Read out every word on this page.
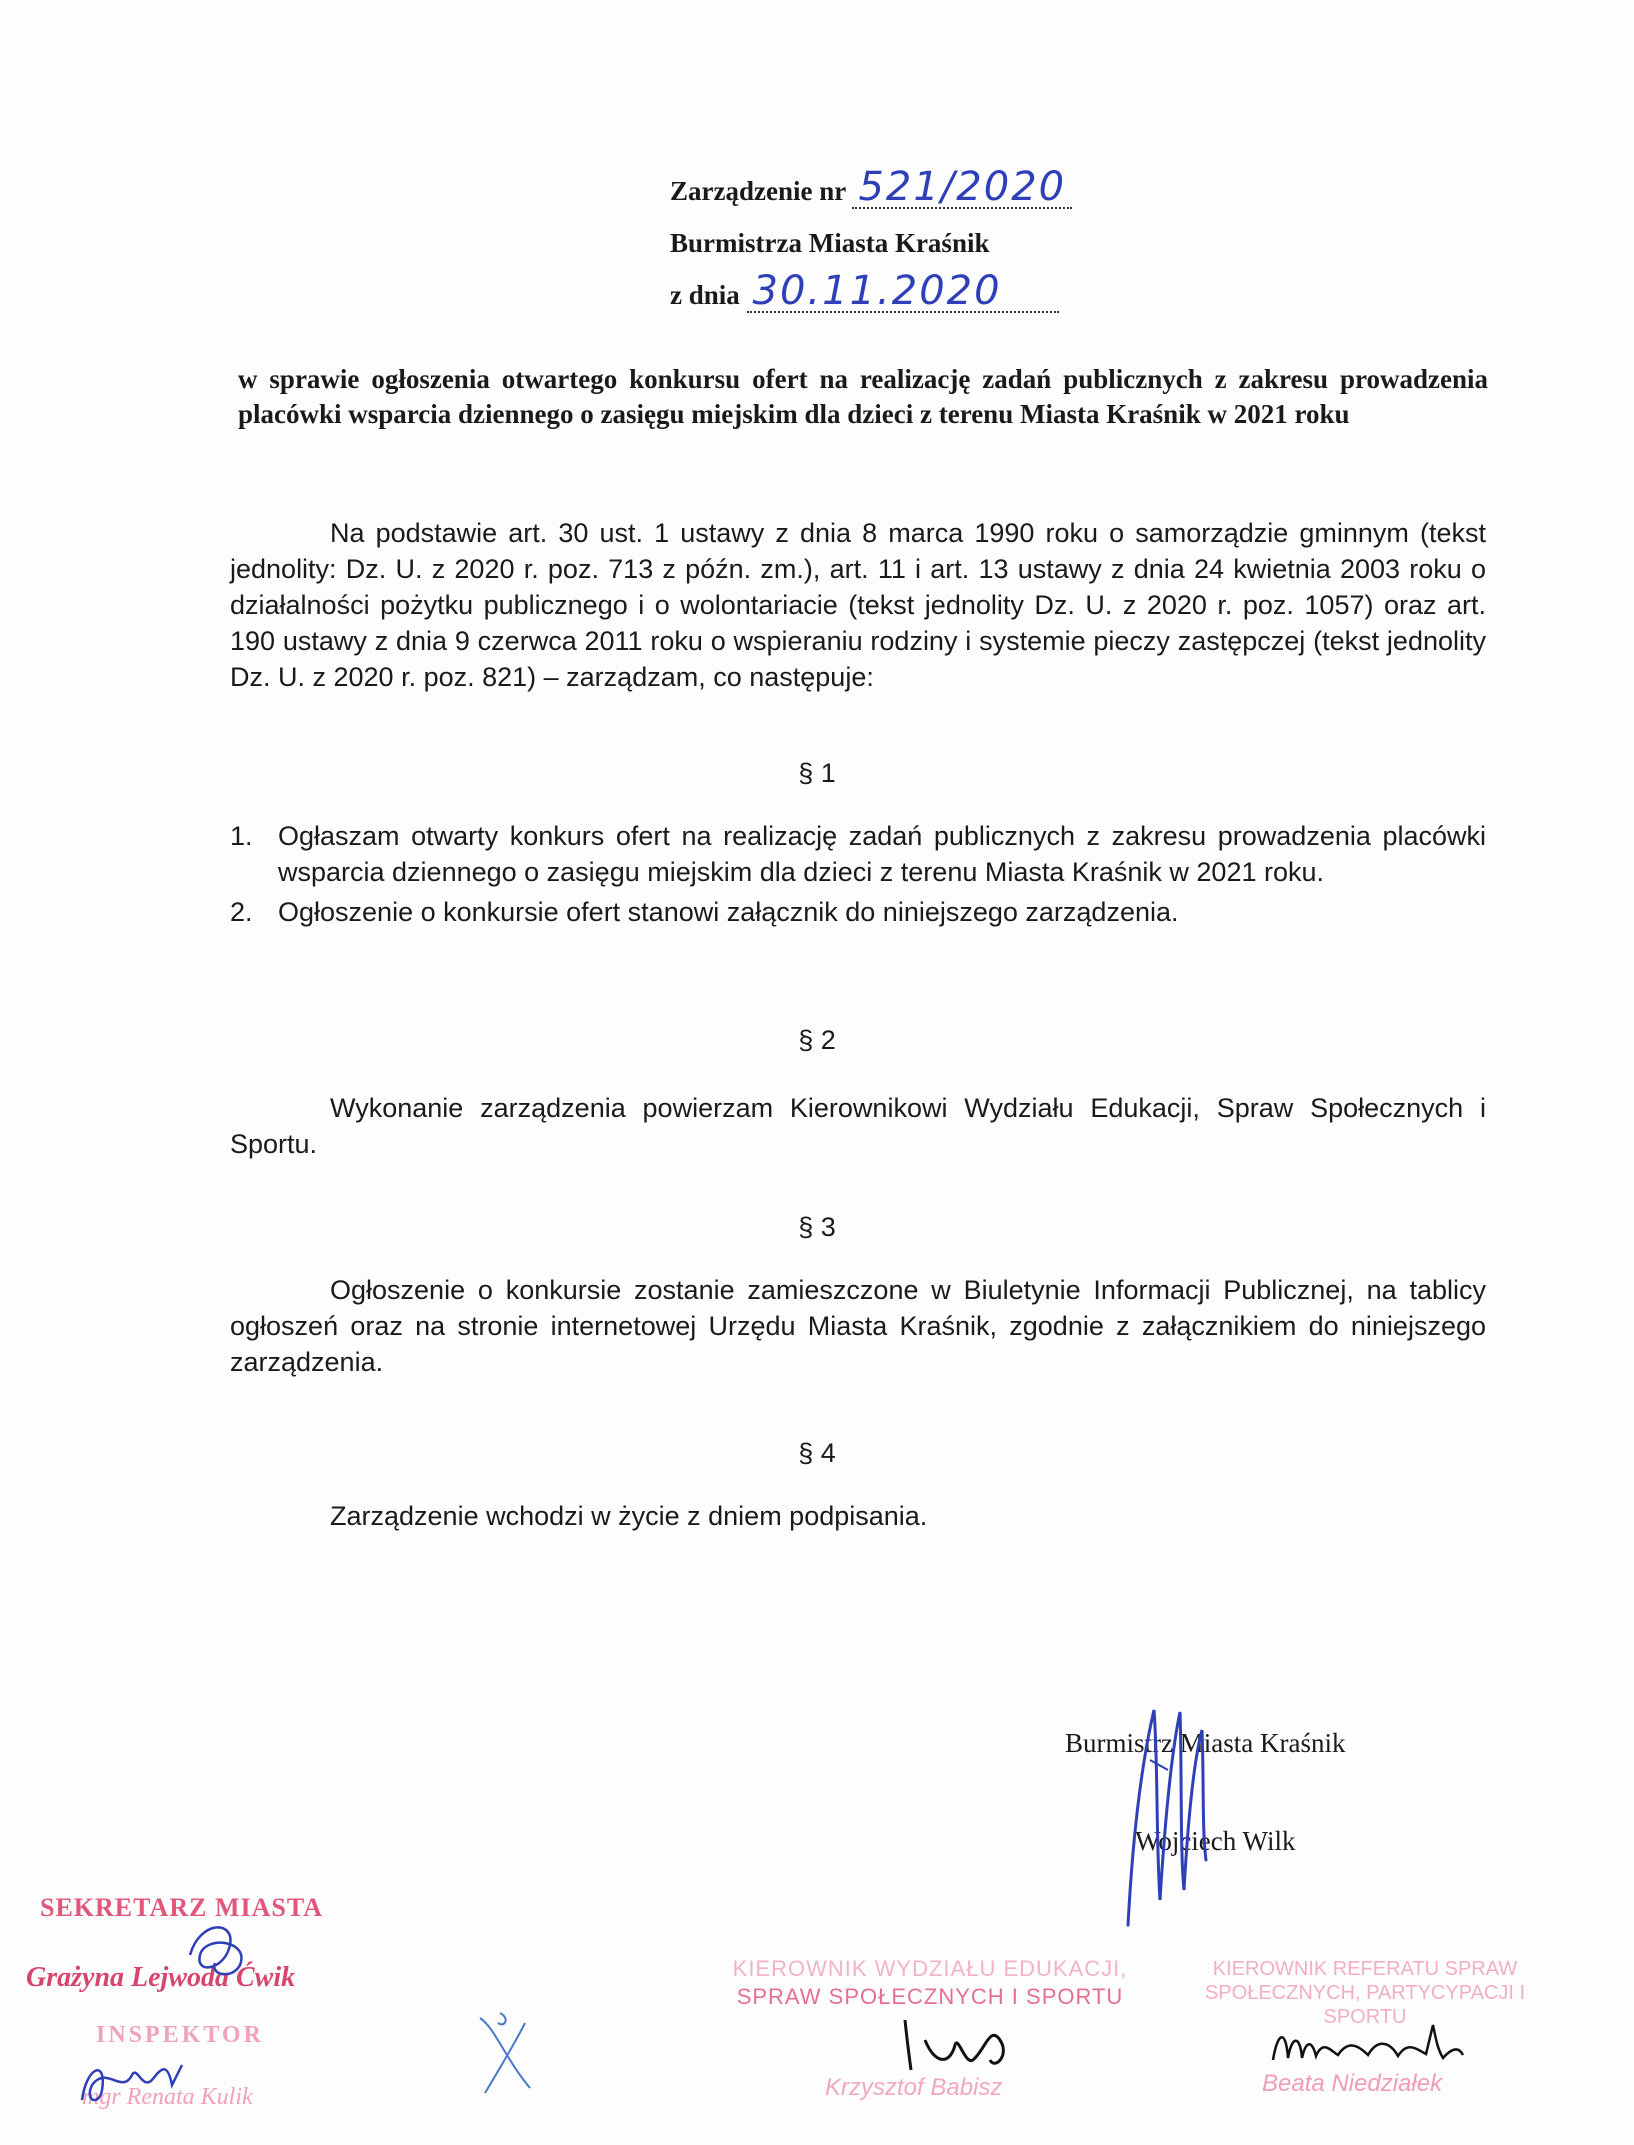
Zarządzenie nr 521/2020
Burmistrza Miasta Kraśnik
z dnia 30.11.2020
w sprawie ogłoszenia otwartego konkursu ofert na realizację zadań publicznych z zakresu prowadzenia placówki wsparcia dziennego o zasięgu miejskim dla dzieci z terenu Miasta Kraśnik w 2021 roku
Na podstawie art. 30 ust. 1 ustawy z dnia 8 marca 1990 roku o samorządzie gminnym (tekst jednolity: Dz. U. z 2020 r. poz. 713 z późn. zm.), art. 11 i art. 13 ustawy z dnia 24 kwietnia 2003 roku o działalności pożytku publicznego i o wolontariacie (tekst jednolity Dz. U. z 2020 r. poz. 1057) oraz art. 190 ustawy z dnia 9 czerwca 2011 roku o wspieraniu rodziny i systemie pieczy zastępczej (tekst jednolity Dz. U. z 2020 r. poz. 821) – zarządzam, co następuje:
§ 1
1. Ogłaszam otwarty konkurs ofert na realizację zadań publicznych z zakresu prowadzenia placówki wsparcia dziennego o zasięgu miejskim dla dzieci z terenu Miasta Kraśnik w 2021 roku.
2. Ogłoszenie o konkursie ofert stanowi załącznik do niniejszego zarządzenia.
§ 2
Wykonanie zarządzenia powierzam Kierownikowi Wydziału Edukacji, Spraw Społecznych i Sportu.
§ 3
Ogłoszenie o konkursie zostanie zamieszczone w Biuletynie Informacji Publicznej, na tablicy ogłoszeń oraz na stronie internetowej Urzędu Miasta Kraśnik, zgodnie z załącznikiem do niniejszego zarządzenia.
§ 4
Zarządzenie wchodzi w życie z dniem podpisania.
Burmistrz Miasta Kraśnik
Wojciech Wilk
SEKRETARZ MIASTA
Grażyna Lejwoda Ćwik
INSPEKTOR
mgr Renata Kulik
KIEROWNIK WYDZIAŁU EDUKACJI,
SPRAW SPOŁECZNYCH I SPORTU
Krzysztof Babisz
KIEROWNIK REFERATU SPRAW
SPOŁECZNYCH, PARTYCYPACJI I SPORTU
Beata Niedziałek
